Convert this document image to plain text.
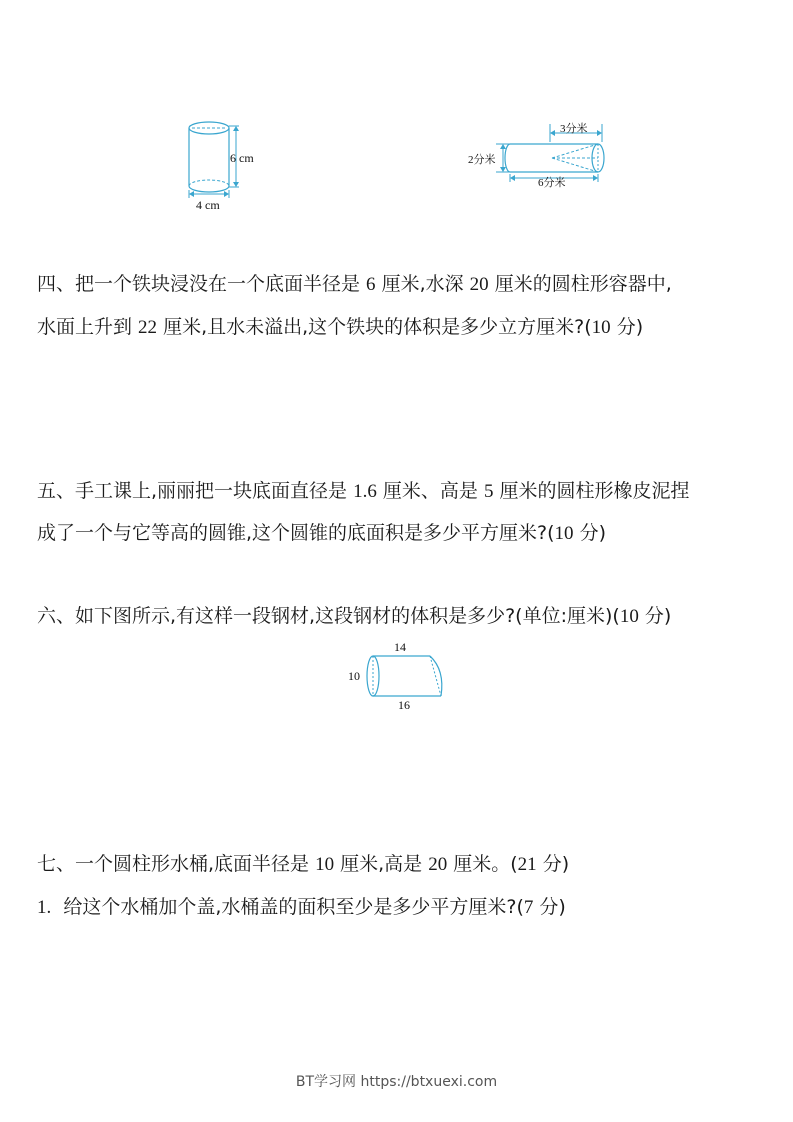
6 cm
4 cm
3分米
2分米
6分米
四、把一个铁块浸没在一个底面半径是 6 厘米,水深 20 厘米的圆柱形容器中,
水面上升到 22 厘米,且水未溢出,这个铁块的体积是多少立方厘米?(10 分)
五、手工课上,丽丽把一块底面直径是 1.6 厘米、高是 5 厘米的圆柱形橡皮泥捏
成了一个与它等高的圆锥,这个圆锥的底面积是多少平方厘米?(10 分)
六、如下图所示,有这样一段钢材,这段钢材的体积是多少?(单位:厘米)(10 分)
14
10
16
七、一个圆柱形水桶,底面半径是 10 厘米,高是 20 厘米。(21 分)
1.  给这个水桶加个盖,水桶盖的面积至少是多少平方厘米?(7 分)
BT学习网 https://btxuexi.com
